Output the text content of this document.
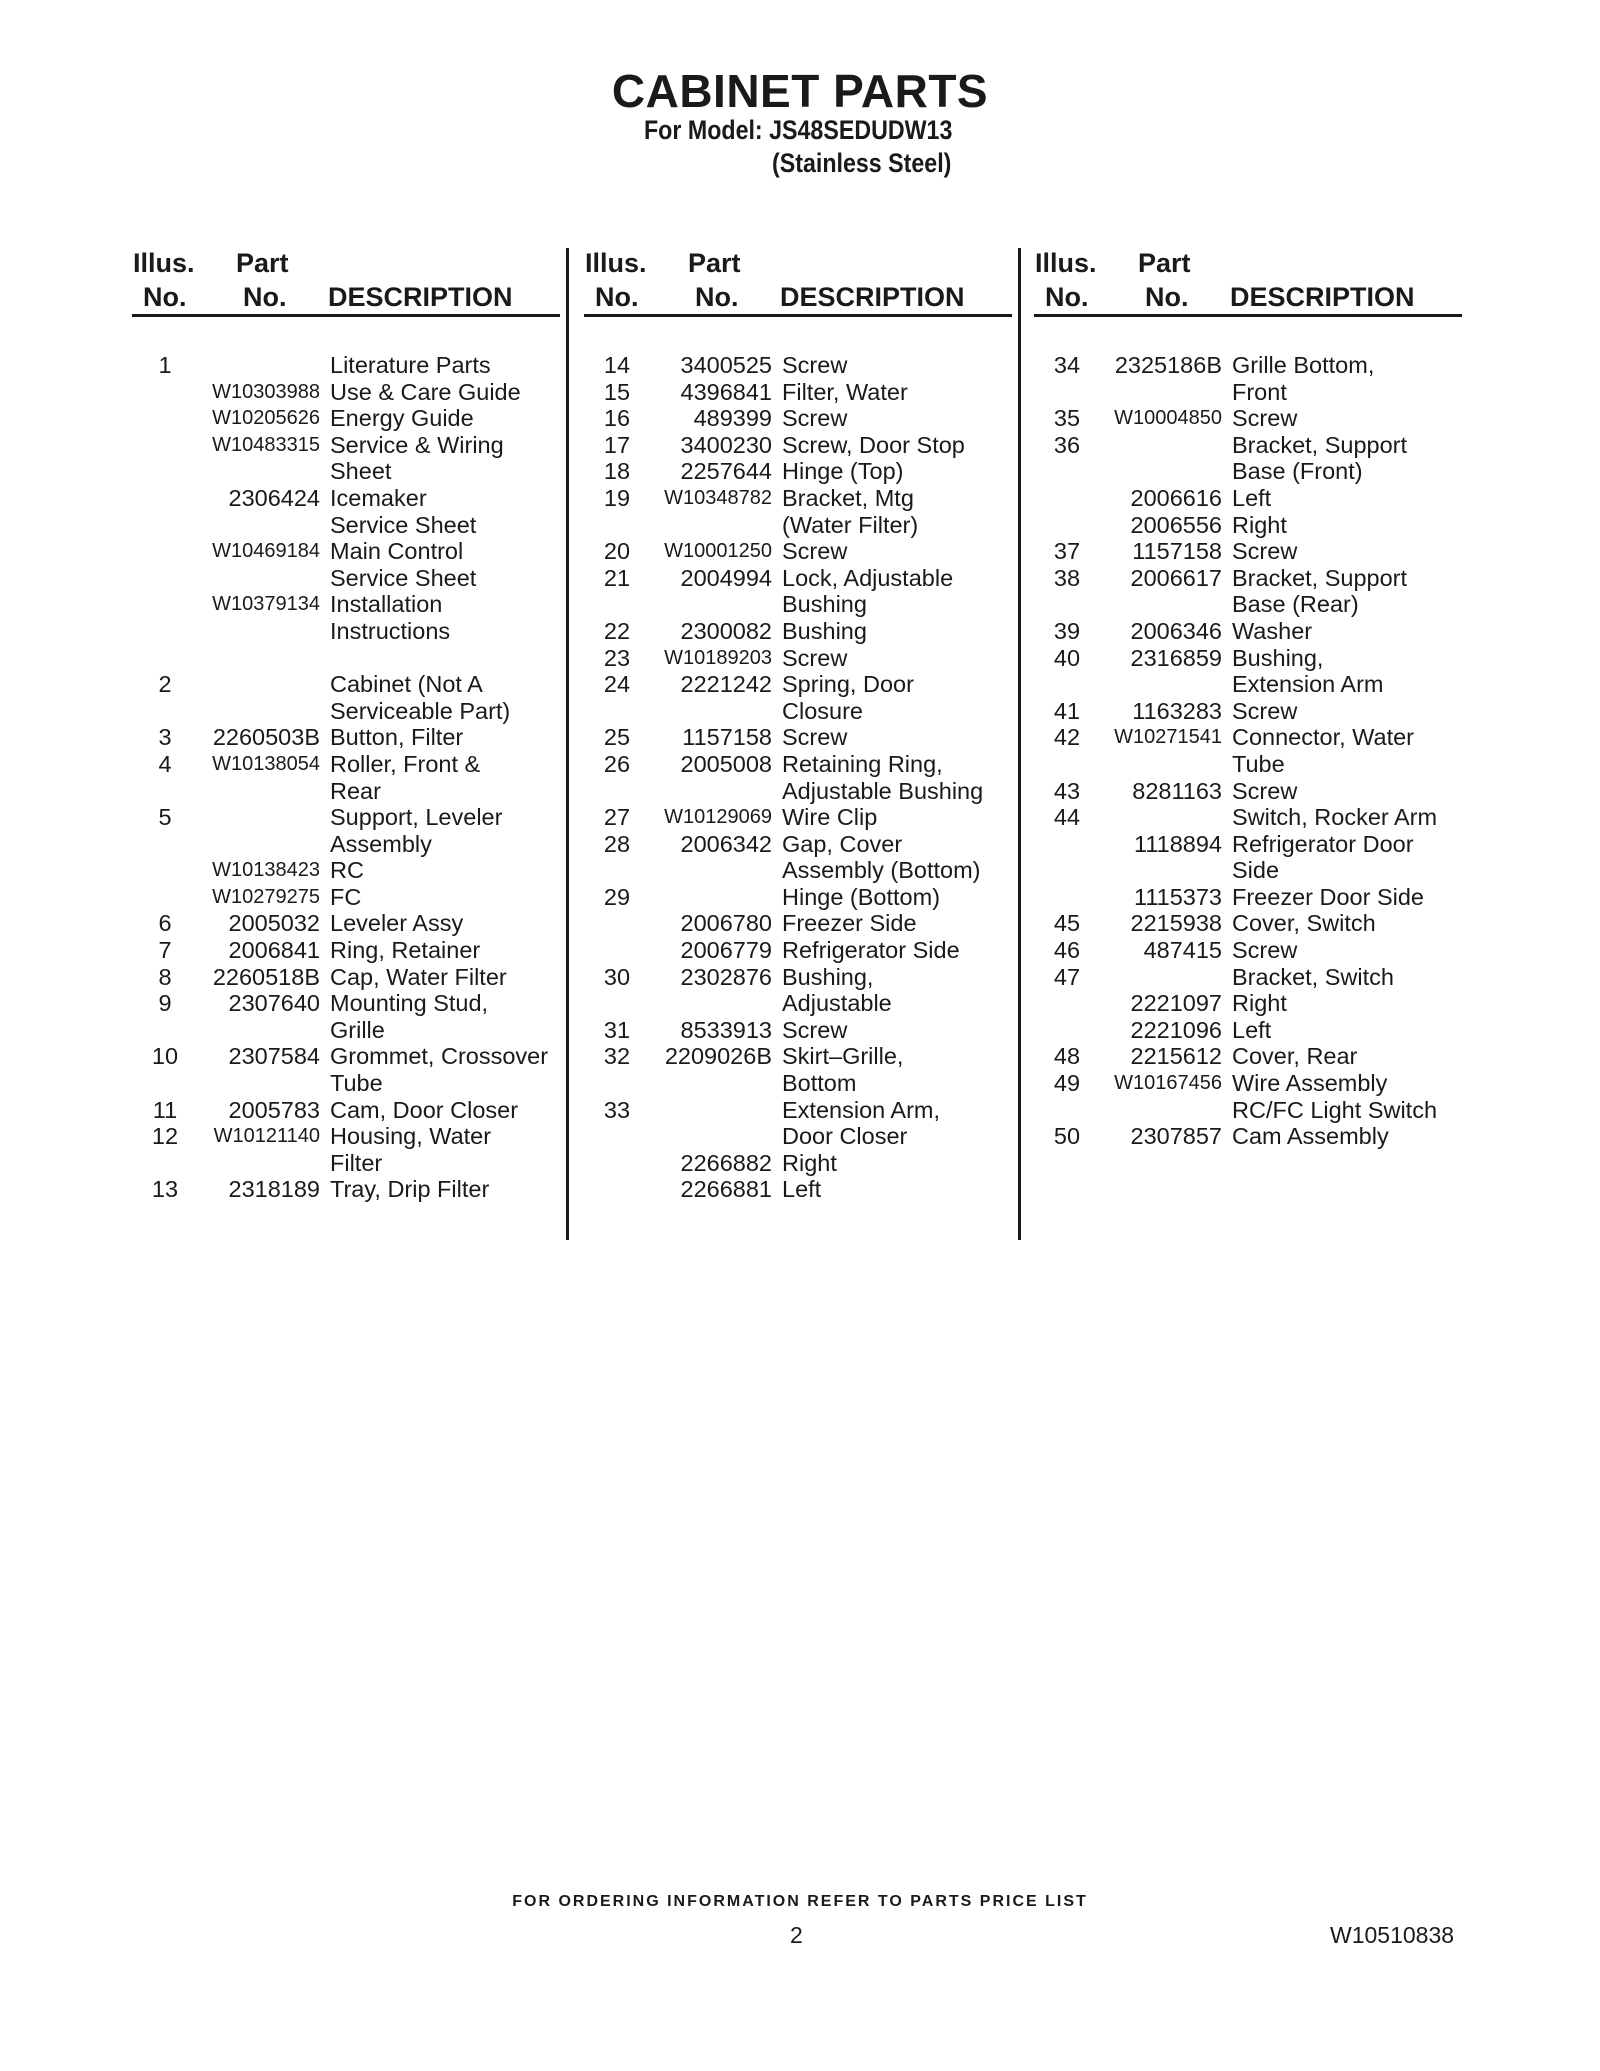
CABINET PARTS
For Model: JS48SEDUDW13
(Stainless Steel)
Illus.
No.
Part
No. DESCRIPTION
1	Literature Parts
W10303988 Use & Care Guide
W10205626 Energy Guide
W10483315 Service & Wiring
Sheet
2306424 Icemaker
Service Sheet
W10469184 Main Control
Service Sheet
W10379134 Installation
Instructions
2	Cabinet (Not A
Serviceable Part)
3	2260503B Button, Filter
4	W10138054 Roller, Front &
Rear
5	Support, Leveler
Assembly
W10138423 RC
W10279275 FC
6	2005032 Leveler Assy
7	2006841 Ring, Retainer
8	2260518B Cap, Water Filter
9	2307640 Mounting Stud,
Grille
10	2307584 Grommet, Crossover
Tube
11	2005783 Cam, Door Closer
12	W10121140 Housing, Water
Filter
13	2318189 Tray, Drip Filter
Illus.
No.
Part
No. DESCRIPTION
14	3400525 Screw
15	4396841 Filter, Water
16	489399 Screw
17	3400230 Screw, Door Stop
18	2257644 Hinge (Top)
19	W10348782 Bracket, Mtg
(Water Filter)
20	W10001250 Screw
21	2004994 Lock, Adjustable
Bushing
22	2300082 Bushing
23	W10189203 Screw
24	2221242 Spring, Door
Closure
25	1157158 Screw
26	2005008 Retaining Ring,
Adjustable Bushing
27	W10129069 Wire Clip
28	2006342 Gap, Cover
Assembly (Bottom)
29	Hinge (Bottom)
2006780 Freezer Side
2006779 Refrigerator Side
30	2302876 Bushing,
Adjustable
31	8533913 Screw
32	2209026B Skirt–Grille,
Bottom
33	Extension Arm,
Door Closer
2266882 Right
2266881 Left
Illus.
No.
Part
No. DESCRIPTION
34	2325186B Grille Bottom,
Front
35	W10004850 Screw
36	Bracket, Support
Base (Front)
2006616 Left
2006556 Right
37	1157158 Screw
38	2006617 Bracket, Support
Base (Rear)
39	2006346 Washer
40	2316859 Bushing,
Extension Arm
41	1163283 Screw
42	W10271541 Connector, Water
Tube
43	8281163 Screw
44	Switch, Rocker Arm
1118894 Refrigerator Door
Side
1115373 Freezer Door Side
45	2215938 Cover, Switch
46	487415 Screw
47	Bracket, Switch
2221097 Right
2221096 Left
48	2215612 Cover, Rear
49	W10167456 Wire Assembly
RC/FC Light Switch
50	2307857 Cam Assembly
FOR ORDERING INFORMATION REFER TO PARTS PRICE LIST
2	W10510838
